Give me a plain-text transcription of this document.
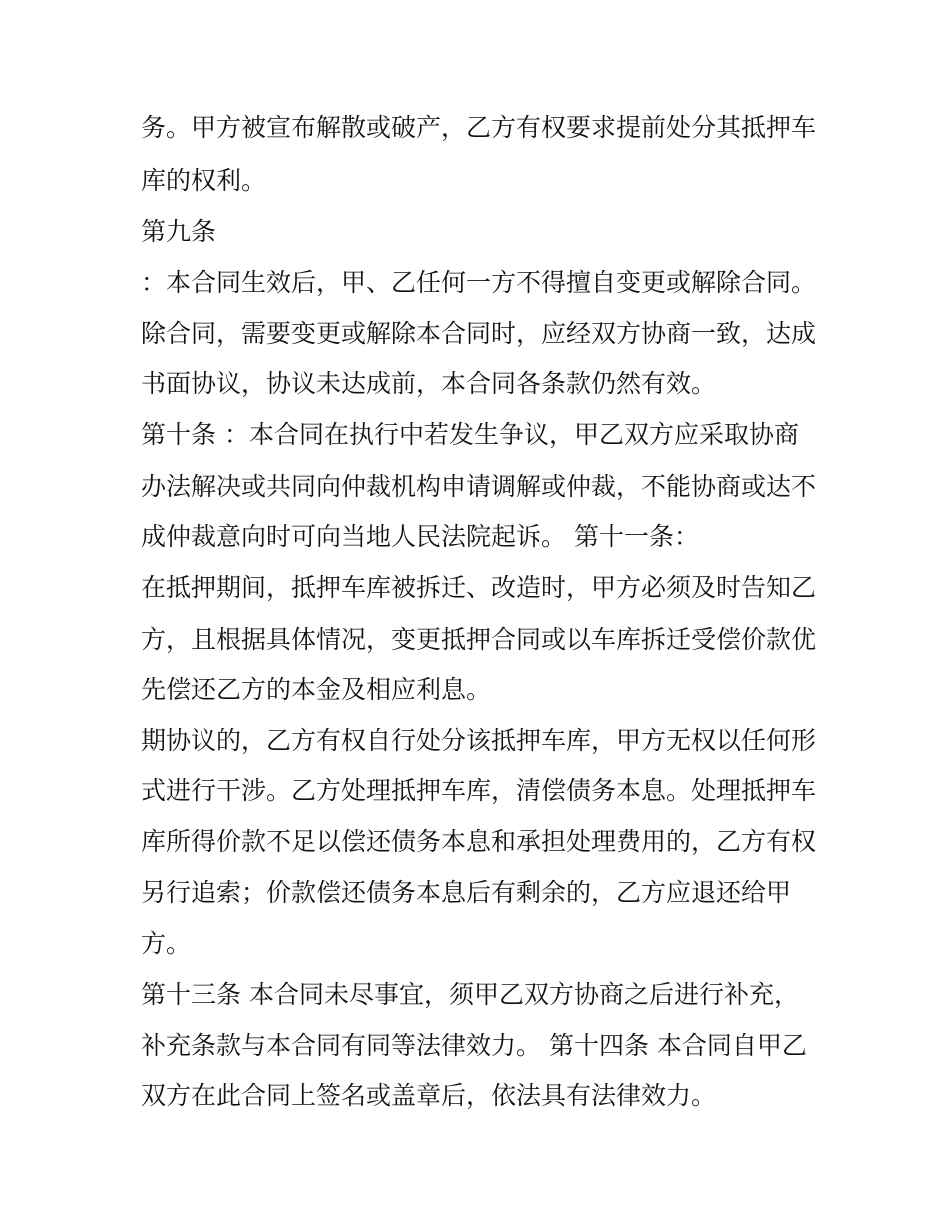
务。甲方被宣布解散或破产，乙方有权要求提前处分其抵押车

库的权利。

第九条

：本合同生效后，甲、乙任何一方不得擅自变更或解除合同。

除合同，需要变更或解除本合同时，应经双方协商一致，达成

书面协议，协议未达成前，本合同各条款仍然有效。

第十条 ：本合同在执行中若发生争议，甲乙双方应采取协商

办法解决或共同向仲裁机构申请调解或仲裁，不能协商或达不

成仲裁意向时可向当地人民法院起诉。 第十一条：

在抵押期间，抵押车库被拆迁、改造时，甲方必须及时告知乙

方，且根据具体情况，变更抵押合同或以车库拆迁受偿价款优

先偿还乙方的本金及相应利息。

期协议的，乙方有权自行处分该抵押车库，甲方无权以任何形

式进行干涉。乙方处理抵押车库，清偿债务本息。处理抵押车

库所得价款不足以偿还债务本息和承担处理费用的，乙方有权

另行追索；价款偿还债务本息后有剩余的，乙方应退还给甲

方。

第十三条 本合同未尽事宜，须甲乙双方协商之后进行补充，

补充条款与本合同有同等法律效力。 第十四条 本合同自甲乙

双方在此合同上签名或盖章后，依法具有法律效力。
